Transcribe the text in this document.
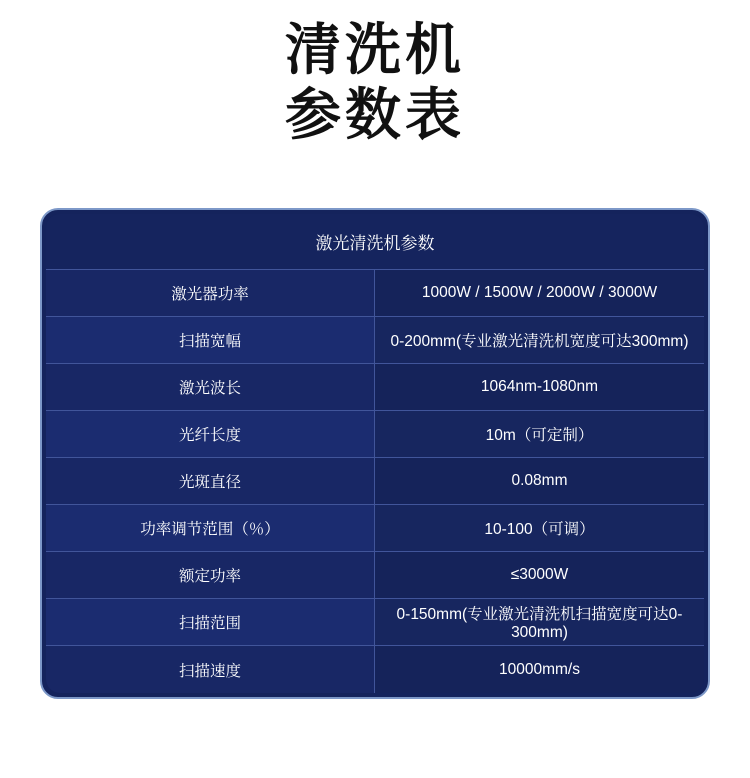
清洗机
参数表
激光清洗机参数	
激光器功率	1000W / 1500W / 2000W / 3000W
扫描宽幅	0-200mm(专业激光清洗机宽度可达300mm)
激光波长	1064nm-1080nm
光纤长度	10m（可定制）
光斑直径	0.08mm
功率调节范围（％）	10-100（可调）
额定功率	≤3000W
扫描范围	0-150mm(专业激光清洗机扫描宽度可达0-300mm)
扫描速度	10000mm/s
